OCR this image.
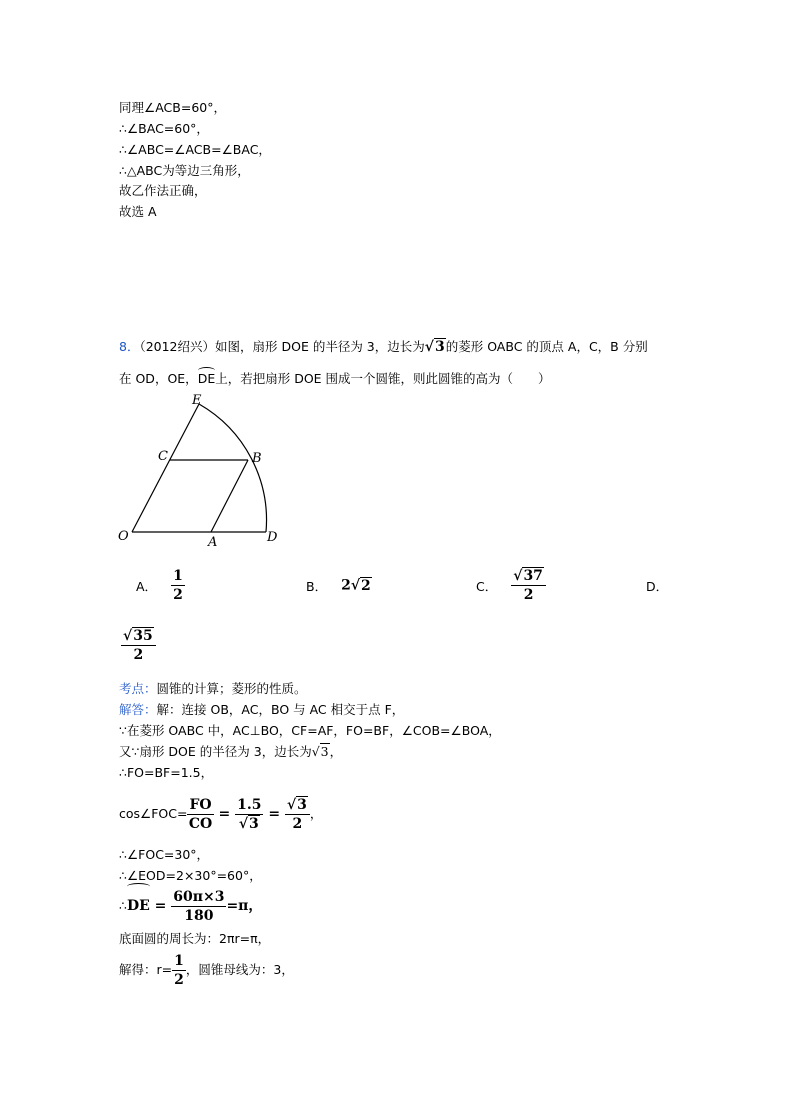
同理∠ACB=60°，
∴∠BAC=60°，
∴∠ABC=∠ACB=∠BAC，
∴△ABC为等边三角形，
故乙作法正确，
故选 A
8．（2012绍兴）如图，扇形 DOE 的半径为 3，边长为√3的菱形 OABC 的顶点 A，C，B 分别
在 OD，OE，DE上，若把扇形 DOE 围成一个圆锥，则此圆锥的高为（　　）
E
C	B
O	A	D
A． $\frac{1}{2}$	B． 2√2	C． $\frac{√37}{2}$	D．
$\frac{√35}{2}$
考点：圆锥的计算；菱形的性质。
解答：解：连接 OB，AC，BO 与 AC 相交于点 F，
∵在菱形 OABC 中，AC⊥BO，CF=AF，FO=BF，∠COB=∠BOA，
又∵扇形 DOE 的半径为 3，边长为√3，
∴FO=BF=1.5，
cos∠FOC= $\frac{FO}{CO} = \frac{1.5}{√3} = \frac{√3}{2}$ ，
∴∠FOC=30°，
∴∠EOD=2×30°=60°，
∴DE = $\frac{60\pi\times 3}{180} =\pi$，
底面圆的周长为：2πr=π，
解得：$r= \frac{1}{2}$ ，圆锥母线为：3，
